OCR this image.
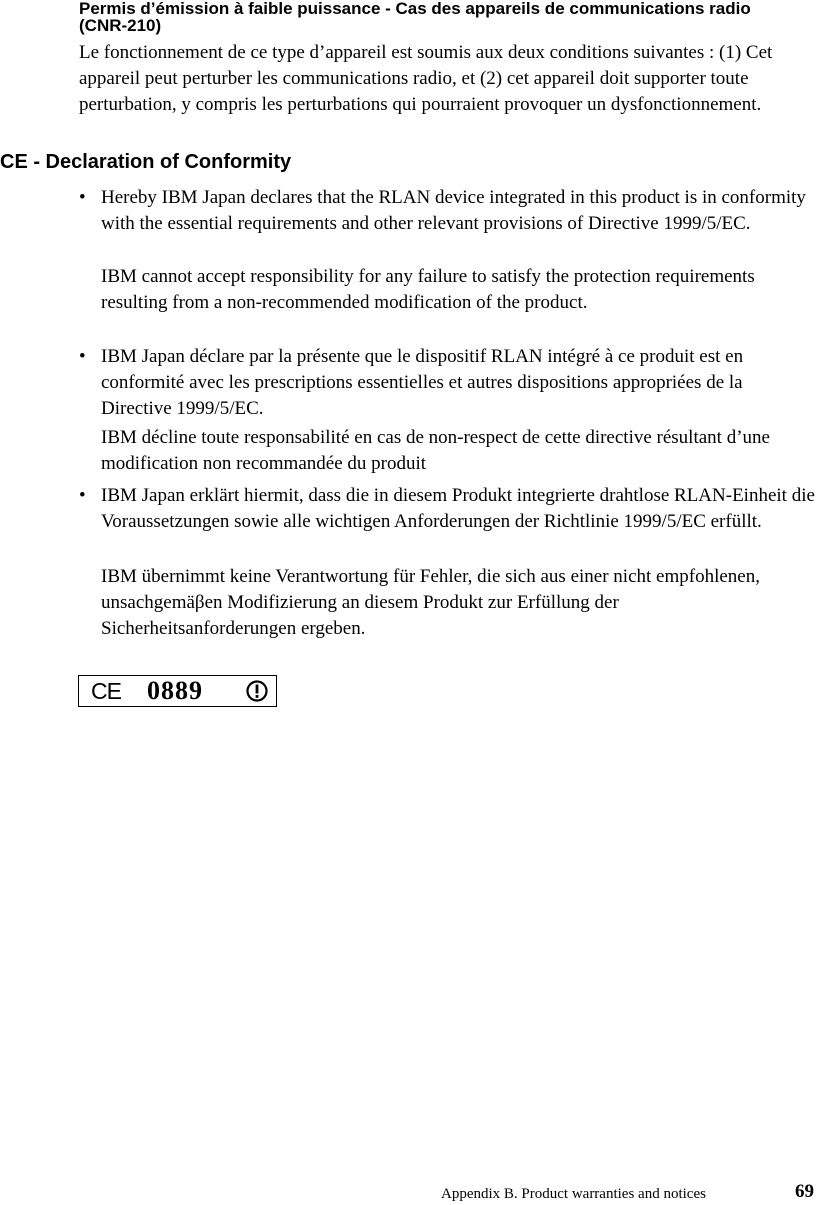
Permis d’émission à faible puissance - Cas des appareils de communications radio (CNR-210)

Le fonctionnement de ce type d’appareil est soumis aux deux conditions suivantes : (1) Cet appareil peut perturber les communications radio, et (2) cet appareil doit supporter toute perturbation, y compris les perturbations qui pourraient provoquer un dysfonctionnement.

CE - Declaration of Conformity
• Hereby IBM Japan declares that the RLAN device integrated in this product is in conformity with the essential requirements and other relevant provisions of Directive 1999/5/EC.

IBM cannot accept responsibility for any failure to satisfy the protection requirements resulting from a non-recommended modification of the product.

• IBM Japan déclare par la présente que le dispositif RLAN intégré à ce produit est en conformité avec les prescriptions essentielles et autres dispositions appropriées de la Directive 1999/5/EC.

IBM décline toute responsabilité en cas de non-respect de cette directive résultant d’une modification non recommandée du produit

• IBM Japan erklärt hiermit, dass die in diesem Produkt integrierte drahtlose RLAN-Einheit die Voraussetzungen sowie alle wichtigen Anforderungen der Richtlinie 1999/5/EC erfüllt.

IBM übernimmt keine Verantwortung für Fehler, die sich aus einer nicht empfohlenen, unsachgemäβen Modifizierung an diesem Produkt zur Erfüllung der Sicherheitsanforderungen ergeben.

CE 0889
Appendix B. Product warranties and notices	69
